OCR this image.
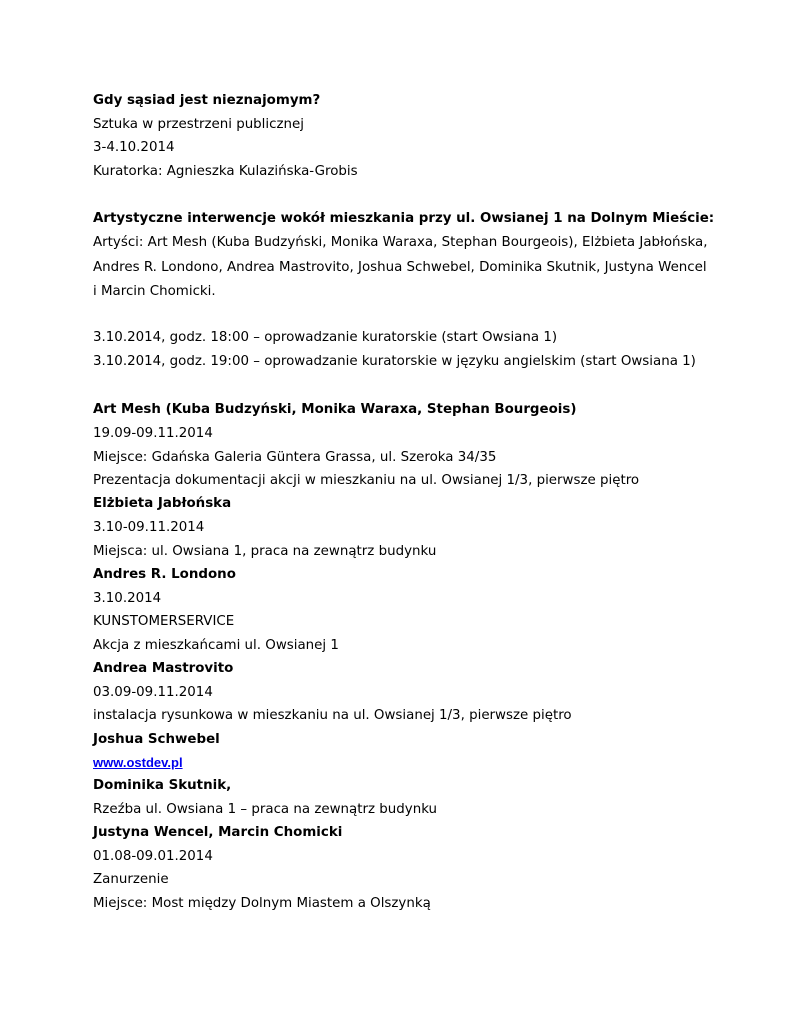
Gdy sąsiad jest nieznajomym?
Sztuka w przestrzeni publicznej
3-4.10.2014
Kuratorka: Agnieszka Kulazińska-Grobis
Artystyczne interwencje wokół mieszkania przy ul. Owsianej 1 na Dolnym Mieście:
Artyści: Art Mesh (Kuba Budzyński, Monika Waraxa, Stephan Bourgeois), Elżbieta Jabłońska,
Andres R. Londono, Andrea Mastrovito, Joshua Schwebel, Dominika Skutnik, Justyna Wencel
i Marcin Chomicki.
3.10.2014, godz. 18:00 – oprowadzanie kuratorskie (start Owsiana 1)
3.10.2014, godz. 19:00 – oprowadzanie kuratorskie w języku angielskim (start Owsiana 1)
Art Mesh (Kuba Budzyński, Monika Waraxa, Stephan Bourgeois)
19.09-09.11.2014
Miejsce: Gdańska Galeria Güntera Grassa, ul. Szeroka 34/35
Prezentacja dokumentacji akcji w mieszkaniu na ul. Owsianej 1/3, pierwsze piętro
Elżbieta Jabłońska
3.10-09.11.2014
Miejsca: ul. Owsiana 1, praca na zewnątrz budynku
Andres R. Londono
3.10.2014
KUNSTOMERSERVICE
Akcja z mieszkańcami ul. Owsianej 1
Andrea Mastrovito
03.09-09.11.2014
instalacja rysunkowa w mieszkaniu na ul. Owsianej 1/3, pierwsze piętro
Joshua Schwebel
www.ostdev.pl
Dominika Skutnik,
Rzeźba ul. Owsiana 1 – praca na zewnątrz budynku
Justyna Wencel, Marcin Chomicki
01.08-09.01.2014
Zanurzenie
Miejsce: Most między Dolnym Miastem a Olszynką
